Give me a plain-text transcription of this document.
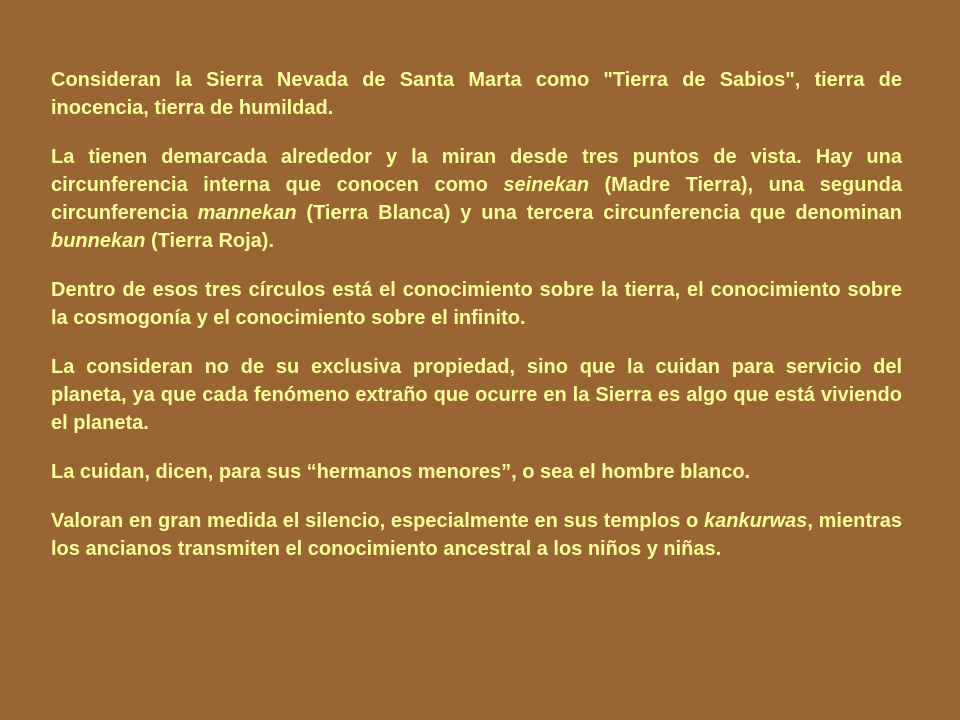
Consideran la Sierra Nevada de Santa Marta como "Tierra de Sabios", tierra de inocencia, tierra de humildad.

La tienen demarcada alrededor y la miran desde tres puntos de vista. Hay una circunferencia interna que conocen como seinekan (Madre Tierra), una segunda circunferencia mannekan (Tierra Blanca) y una tercera circunferencia que denominan bunnekan (Tierra Roja).

Dentro de esos tres círculos está el conocimiento sobre la tierra, el conocimiento sobre la cosmogonía y el conocimiento sobre el infinito.

La consideran no de su exclusiva propiedad, sino que la cuidan para servicio del planeta, ya que cada fenómeno extraño que ocurre en la Sierra es algo que está viviendo el planeta.

La cuidan, dicen, para sus “hermanos menores”, o sea el hombre blanco.

Valoran en gran medida el silencio, especialmente en sus templos o kankurwas, mientras los ancianos transmiten el conocimiento ancestral a los niños y niñas.
